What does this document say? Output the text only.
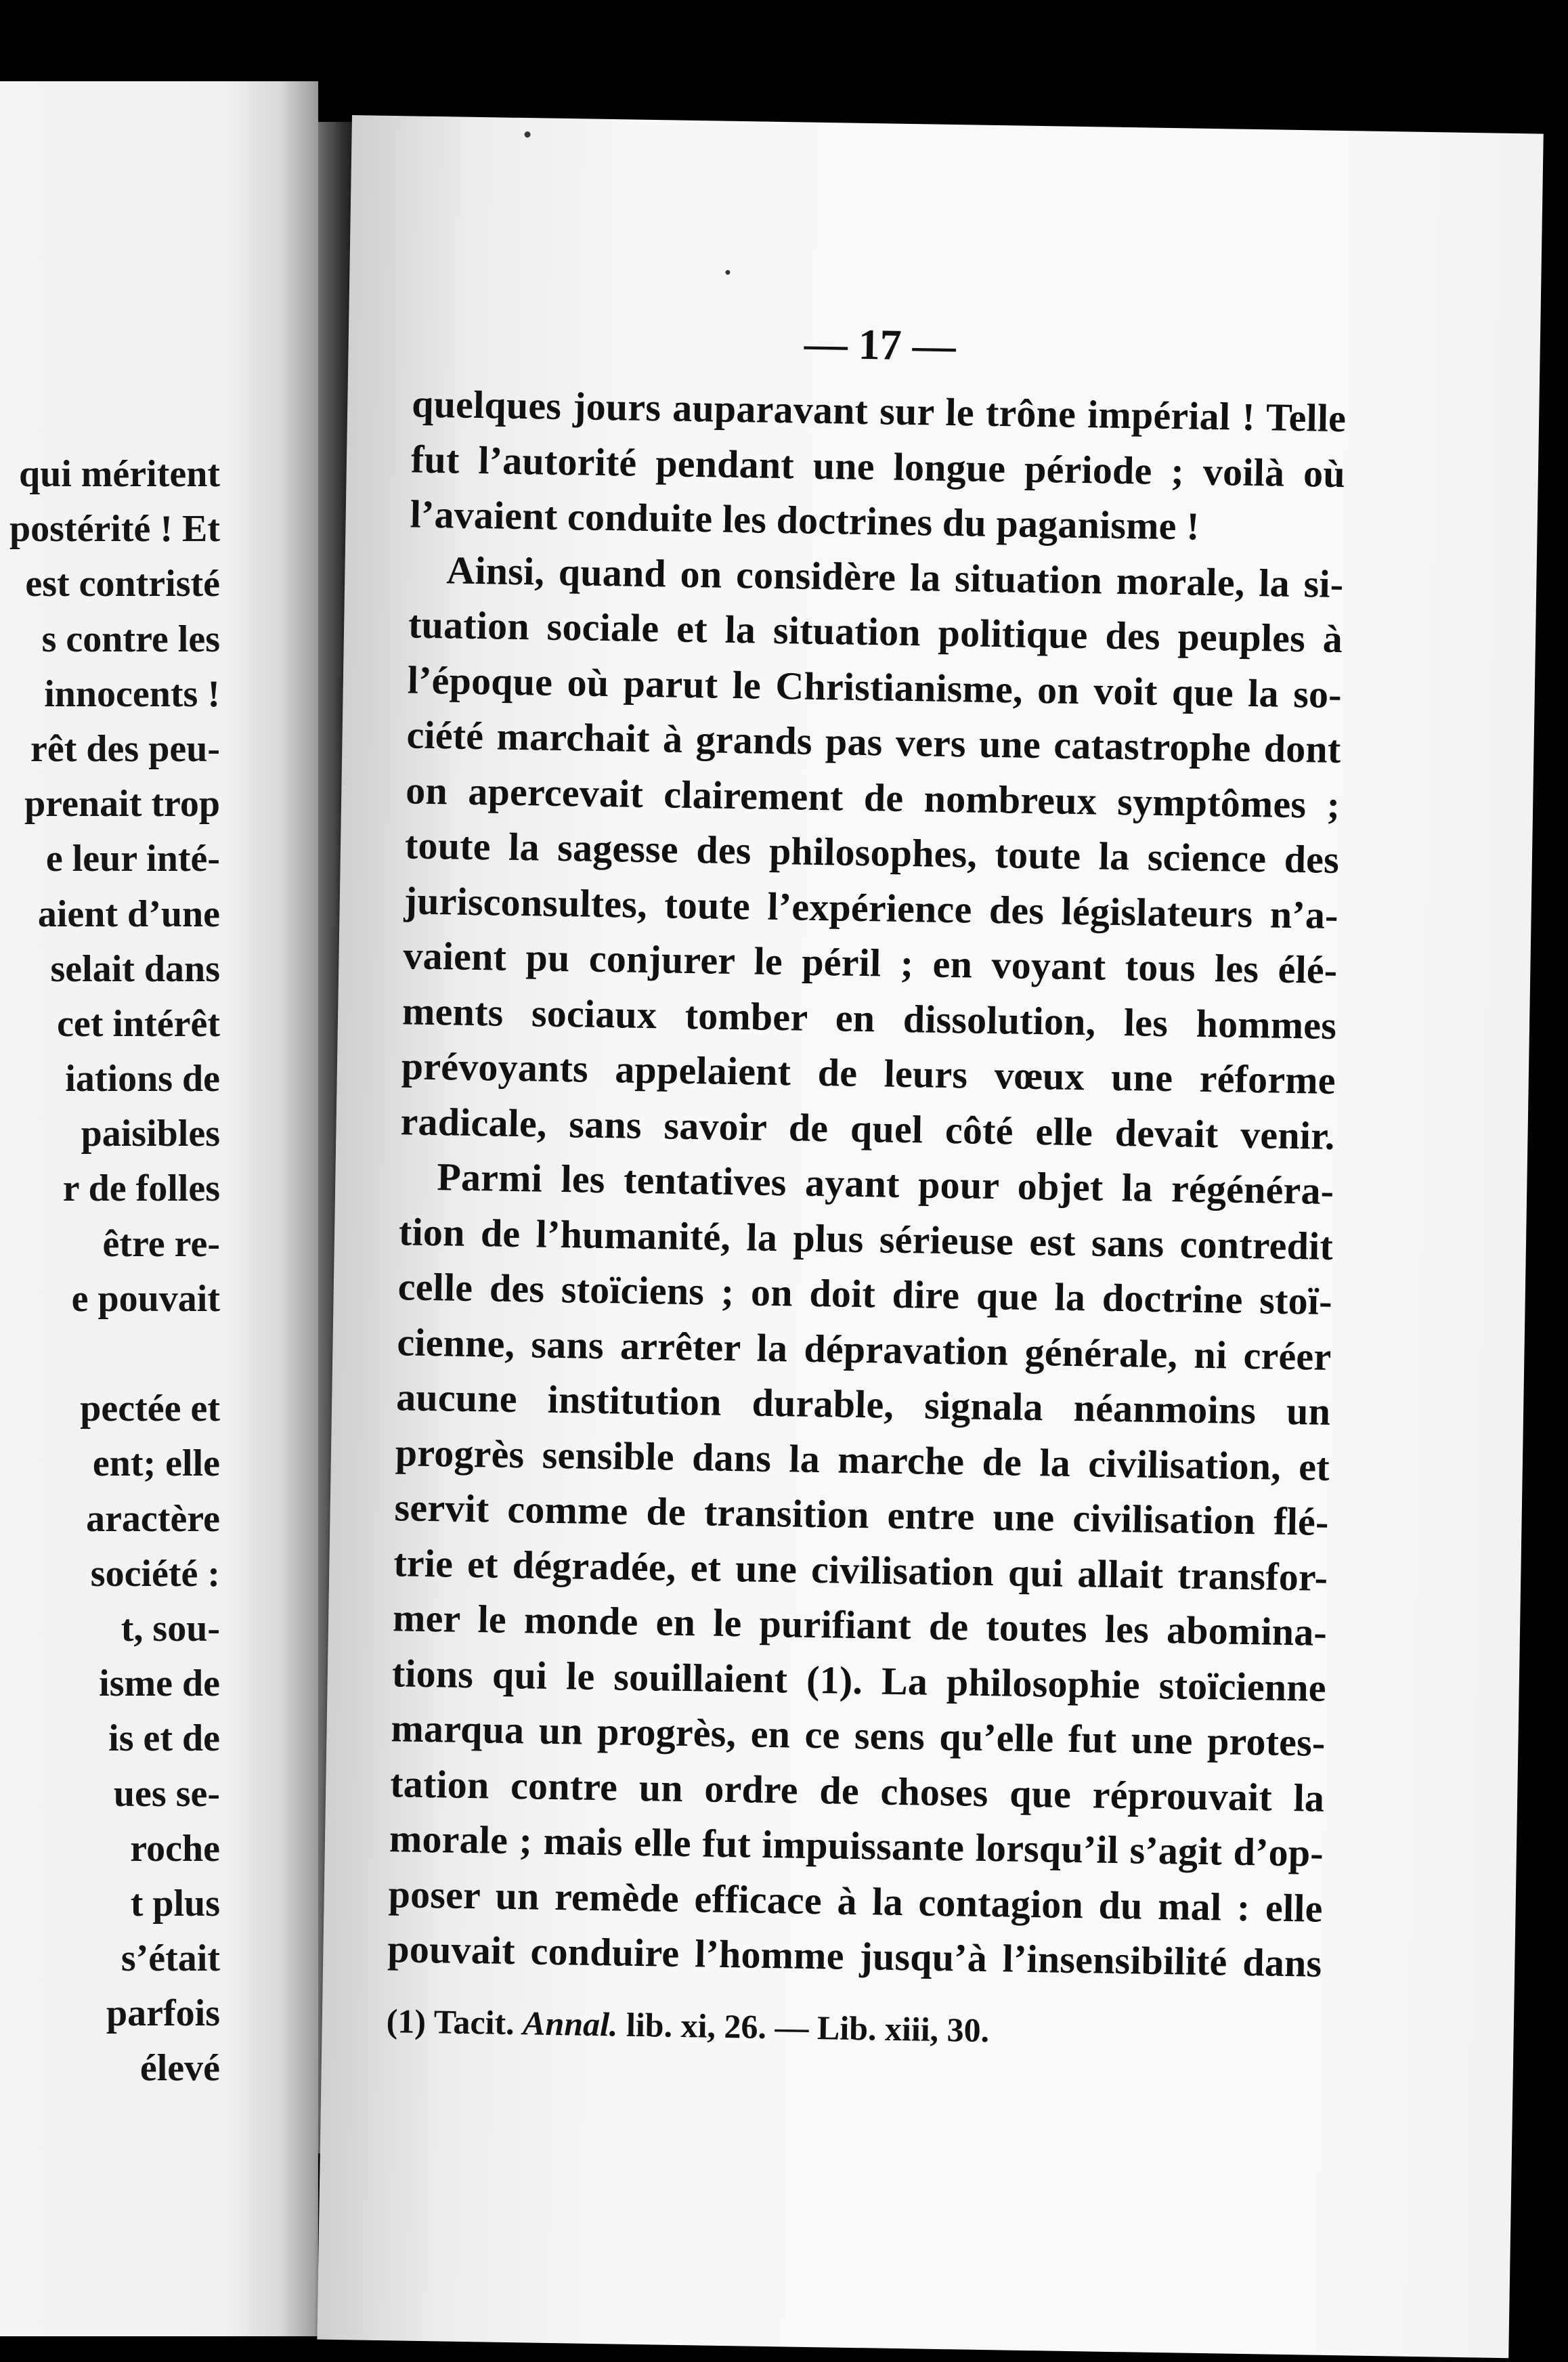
qui méritent
postérité ! Et
est contristé
s contre les
innocents !
rêt des peu-
prenait trop
e leur inté-
aient d’une
selait dans
cet intérêt
iations de
paisibles
r de folles
être re-
e pouvait
pectée et
ent; elle
aractère
société :
t, sou-
isme de
is et de
ues se-
roche
t plus
s’était
parfois
élevé
— 17 —
quelques jours auparavant sur le trône impérial ! Telle
fut l’autorité pendant une longue période ; voilà où
l’avaient conduite les doctrines du paganisme !
Ainsi, quand on considère la situation morale, la si-
tuation sociale et la situation politique des peuples à
l’époque où parut le Christianisme, on voit que la so-
ciété marchait à grands pas vers une catastrophe dont
on apercevait clairement de nombreux symptômes ;
toute la sagesse des philosophes, toute la science des
jurisconsultes, toute l’expérience des législateurs n’a-
vaient pu conjurer le péril ; en voyant tous les élé-
ments sociaux tomber en dissolution, les hommes
prévoyants appelaient de leurs vœux une réforme
radicale, sans savoir de quel côté elle devait venir.
Parmi les tentatives ayant pour objet la régénéra-
tion de l’humanité, la plus sérieuse est sans contredit
celle des stoïciens ; on doit dire que la doctrine stoï-
cienne, sans arrêter la dépravation générale, ni créer
aucune institution durable, signala néanmoins un
progrès sensible dans la marche de la civilisation, et
servit comme de transition entre une civilisation flé-
trie et dégradée, et une civilisation qui allait transfor-
mer le monde en le purifiant de toutes les abomina-
tions qui le souillaient (1). La philosophie stoïcienne
marqua un progrès, en ce sens qu’elle fut une protes-
tation contre un ordre de choses que réprouvait la
morale ; mais elle fut impuissante lorsqu’il s’agit d’op-
poser un remède efficace à la contagion du mal : elle
pouvait conduire l’homme jusqu’à l’insensibilité dans
(1) Tacit. Annal. lib. xi, 26. — Lib. xiii, 30.
